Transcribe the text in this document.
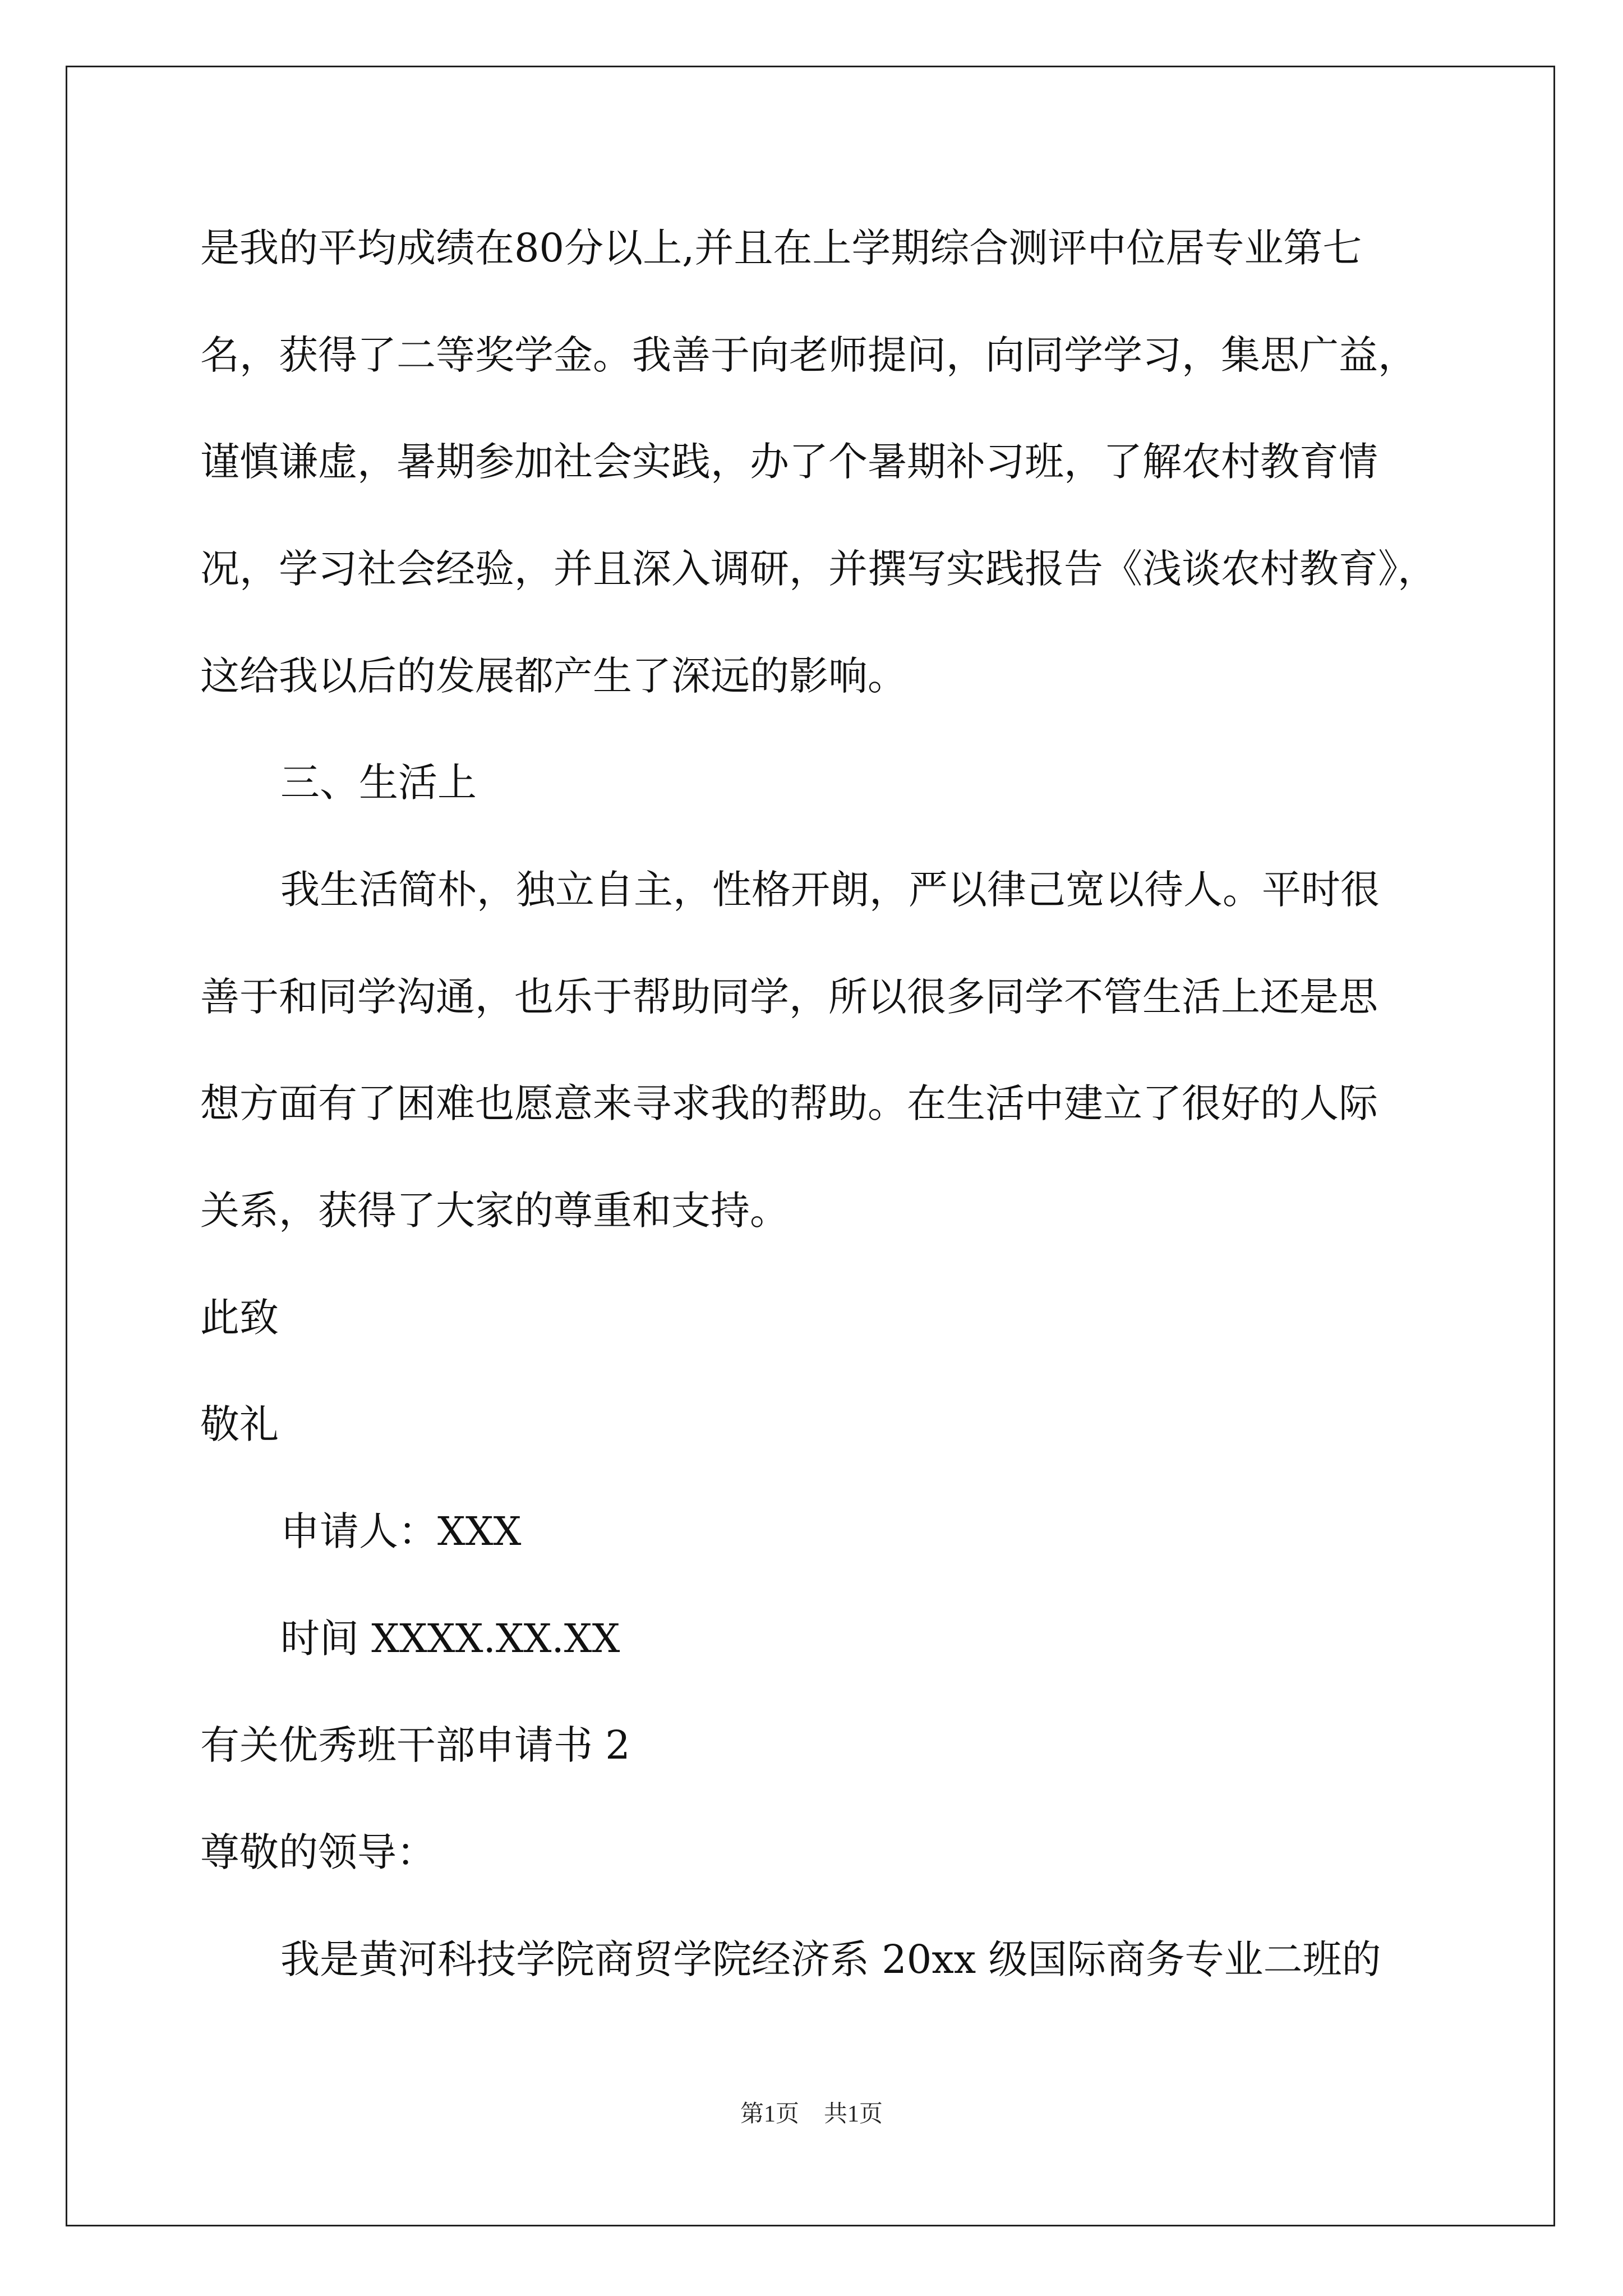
是我的平均成绩在80分以上,并且在上学期综合测评中位居专业第七

名，获得了二等奖学金。我善于向老师提问，向同学学习，集思广益，

谨慎谦虚，暑期参加社会实践，办了个暑期补习班，了解农村教育情

况，学习社会经验，并且深入调研，并撰写实践报告《浅谈农村教育》，

这给我以后的发展都产生了深远的影响。

三、生活上

我生活简朴，独立自主，性格开朗，严以律己宽以待人。平时很

善于和同学沟通，也乐于帮助同学，所以很多同学不管生活上还是思

想方面有了困难也愿意来寻求我的帮助。在生活中建立了很好的人际

关系，获得了大家的尊重和支持。

此致

敬礼

申请人：XXX

时间 XXXX.XX.XX

有关优秀班干部申请书 2

尊敬的领导：

我是黄河科技学院商贸学院经济系 20xx 级国际商务专业二班的

第1页 共1页
